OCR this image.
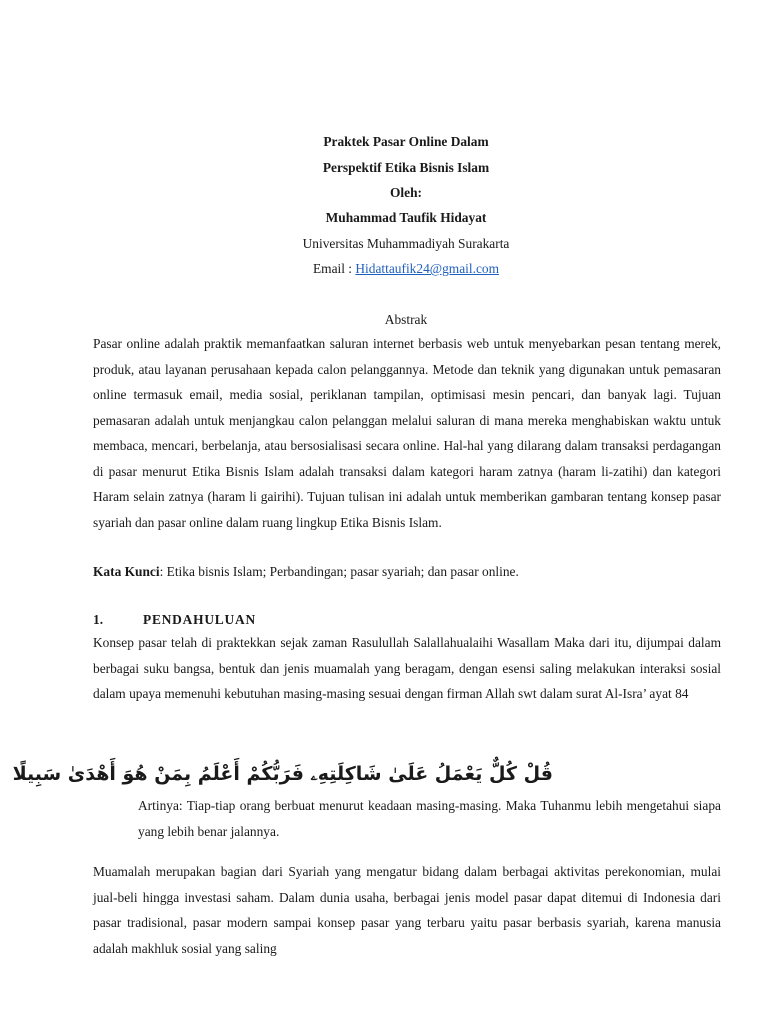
Praktek Pasar Online Dalam
Perspektif Etika Bisnis Islam
Oleh:
Muhammad Taufik Hidayat
Universitas Muhammadiyah Surakarta
Email : Hidattaufik24@gmail.com
Abstrak
Pasar online adalah praktik memanfaatkan saluran internet berbasis web untuk menyebarkan pesan tentang merek, produk, atau layanan perusahaan kepada calon pelanggannya. Metode dan teknik yang digunakan untuk pemasaran online termasuk email, media sosial, periklanan tampilan, optimisasi mesin pencari, dan banyak lagi. Tujuan pemasaran adalah untuk menjangkau calon pelanggan melalui saluran di mana mereka menghabiskan waktu untuk membaca, mencari, berbelanja, atau bersosialisasi secara online. Hal-hal yang dilarang dalam transaksi perdagangan di pasar menurut Etika Bisnis Islam adalah transaksi dalam kategori haram zatnya (haram li-zatihi) dan kategori Haram selain zatnya (haram li gairihi). Tujuan tulisan ini adalah untuk memberikan gambaran tentang konsep pasar syariah dan pasar online dalam ruang lingkup Etika Bisnis Islam.
Kata Kunci: Etika bisnis Islam; Perbandingan; pasar syariah; dan pasar online.
1.	PENDAHULUAN
Konsep pasar telah di praktekkan sejak zaman Rasulullah Salallahualaihi Wasallam Maka dari itu, dijumpai dalam berbagai suku bangsa, bentuk dan jenis muamalah yang beragam, dengan esensi saling melakukan interaksi sosial dalam upaya memenuhi kebutuhan masing-masing sesuai dengan firman Allah swt dalam surat Al-Isra’ ayat 84
قُلْ كُلٌّ يَعْمَلُ عَلَىٰ شَاكِلَتِهِۦ فَرَبُّكُمْ أَعْلَمُ بِمَنْ هُوَ أَهْدَىٰ سَبِيلًا
Artinya: Tiap-tiap orang berbuat menurut keadaan masing-masing. Maka Tuhanmu lebih mengetahui siapa yang lebih benar jalannya.
Muamalah merupakan bagian dari Syariah yang mengatur bidang dalam berbagai aktivitas perekonomian, mulai jual-beli hingga investasi saham. Dalam dunia usaha, berbagai jenis model pasar dapat ditemui di Indonesia dari pasar tradisional, pasar modern sampai konsep pasar yang terbaru yaitu pasar berbasis syariah, karena manusia adalah makhluk sosial yang saling
